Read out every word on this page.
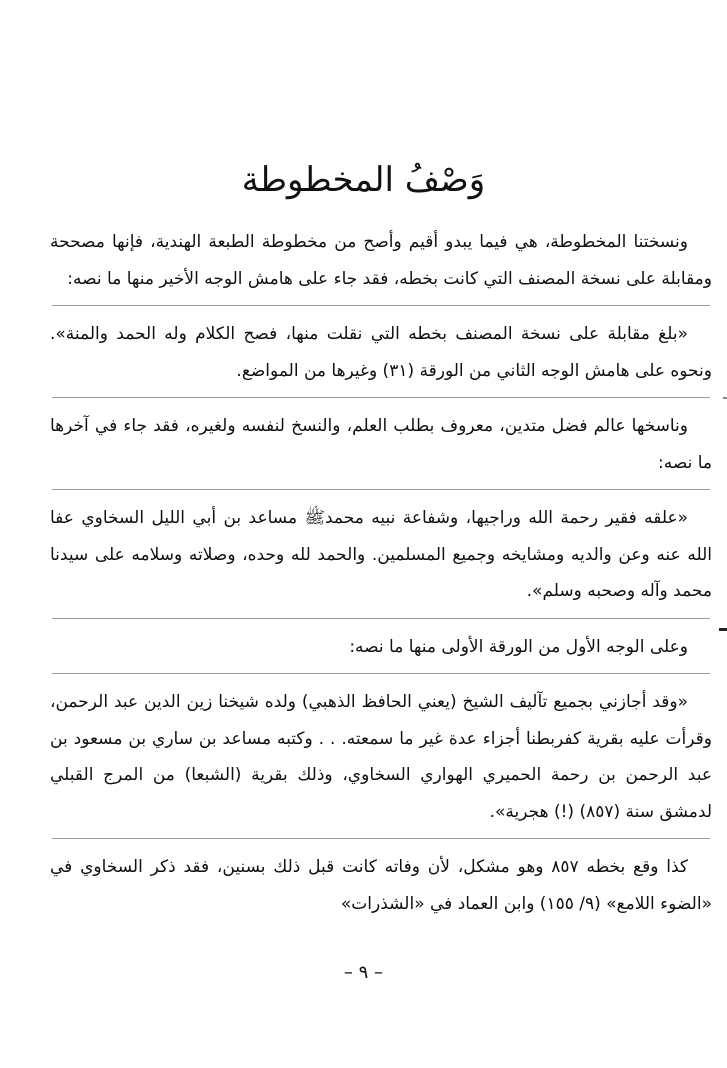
وَصْفُ المخطوطة

ونسختنا المخطوطة، هي فيما يبدو أقيم وأصح من مخطوطة الطبعة الهندية، فإنها مصححة ومقابلة على نسخة المصنف التي كانت بخطه، فقد جاء على هامش الوجه الأخير منها ما نصه:

«بلغ مقابلة على نسخة المصنف بخطه التي نقلت منها، فصح الكلام وله الحمد والمنة». ونحوه على هامش الوجه الثاني من الورقة (٣١) وغيرها من المواضع.

وناسخها عالم فضل متدين، معروف بطلب العلم، والنسخ لنفسه ولغيره، فقد جاء في آخرها ما نصه:

«علقه فقير رحمة الله وراجيها، وشفاعة نبيه محمدﷺ مساعد بن أبي الليل السخاوي عفا الله عنه وعن والديه ومشايخه وجميع المسلمين. والحمد لله وحده، وصلاته وسلامه على سيدنا محمد وآله وصحبه وسلم».

وعلى الوجه الأول من الورقة الأولى منها ما نصه:

«وقد أجازني بجميع تآليف الشيخ (يعني الحافظ الذهبي) ولده شيخنا زين الدين عبد الرحمن، وقرأت عليه بقرية كفربطنا أجزاء عدة غير ما سمعته. . . وكتبه مساعد بن ساري بن مسعود بن عبد الرحمن بن رحمة الحميري الهواري السخاوي، وذلك بقرية (الشبعا) من المرج القبلي لدمشق سنة (٨٥٧) (!) هجرية».

كذا وقع بخطه ٨٥٧ وهو مشكل، لأن وفاته كانت قبل ذلك بسنين، فقد ذكر السخاوي في «الضوء اللامع» (٩/ ١٥٥) وابن العماد في «الشذرات»

– ٩ –
